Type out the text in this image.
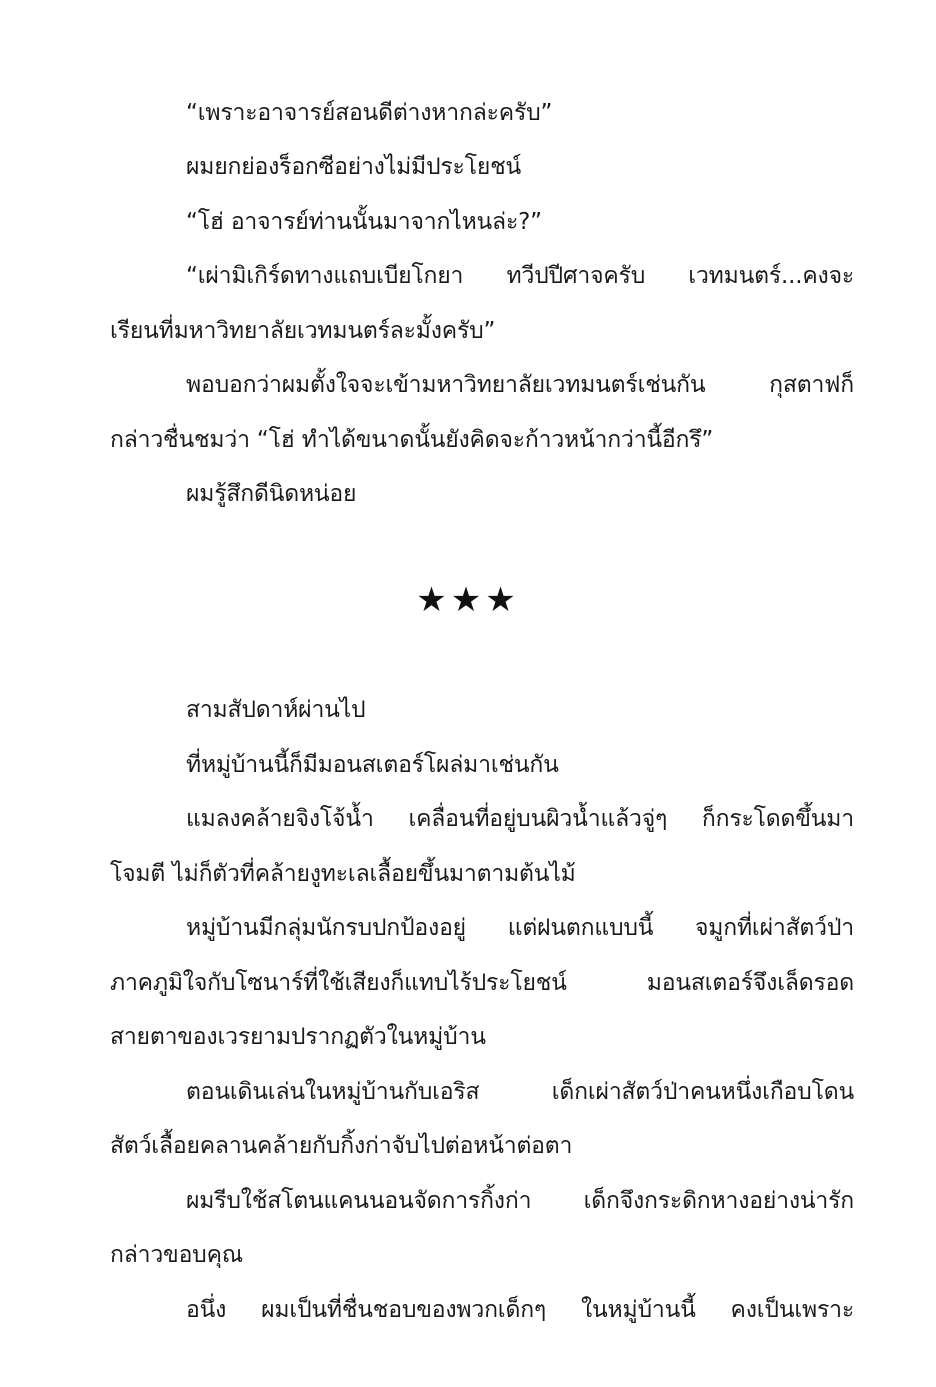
“เพราะอาจารย์สอนดีต่างหากล่ะครับ”
ผมยกย่องร็อกซีอย่างไม่มีประโยชน์
“โฮ่ อาจารย์ท่านนั้นมาจากไหนล่ะ?”
“เผ่ามิเกิร์ดทางแถบเบียโกยา ทวีปปีศาจครับ เวทมนตร์...คงจะ
เรียนที่มหาวิทยาลัยเวทมนตร์ละมั้งครับ”
พอบอกว่าผมตั้งใจจะเข้ามหาวิทยาลัยเวทมนตร์เช่นกัน กุสตาฟก็
กล่าวชื่นชมว่า “โฮ่ ทำได้ขนาดนั้นยังคิดจะก้าวหน้ากว่านี้อีกรึ”
ผมรู้สึกดีนิดหน่อย
★★★
สามสัปดาห์ผ่านไป
ที่หมู่บ้านนี้ก็มีมอนสเตอร์โผล่มาเช่นกัน
แมลงคล้ายจิงโจ้น้ำ เคลื่อนที่อยู่บนผิวน้ำแล้วจู่ๆ ก็กระโดดขึ้นมา
โจมตี ไม่ก็ตัวที่คล้ายงูทะเลเลื้อยขึ้นมาตามต้นไม้
หมู่บ้านมีกลุ่มนักรบปกป้องอยู่ แต่ฝนตกแบบนี้ จมูกที่เผ่าสัตว์ป่า
ภาคภูมิใจกับโซนาร์ที่ใช้เสียงก็แทบไร้ประโยชน์ มอนสเตอร์จึงเล็ดรอด
สายตาของเวรยามปรากฏตัวในหมู่บ้าน
ตอนเดินเล่นในหมู่บ้านกับเอริส เด็กเผ่าสัตว์ป่าคนหนึ่งเกือบโดน
สัตว์เลื้อยคลานคล้ายกับกิ้งก่าจับไปต่อหน้าต่อตา
ผมรีบใช้สโตนแคนนอนจัดการกิ้งก่า เด็กจึงกระดิกหางอย่างน่ารัก
กล่าวขอบคุณ
อนึ่ง ผมเป็นที่ชื่นชอบของพวกเด็กๆ ในหมู่บ้านนี้ คงเป็นเพราะ
